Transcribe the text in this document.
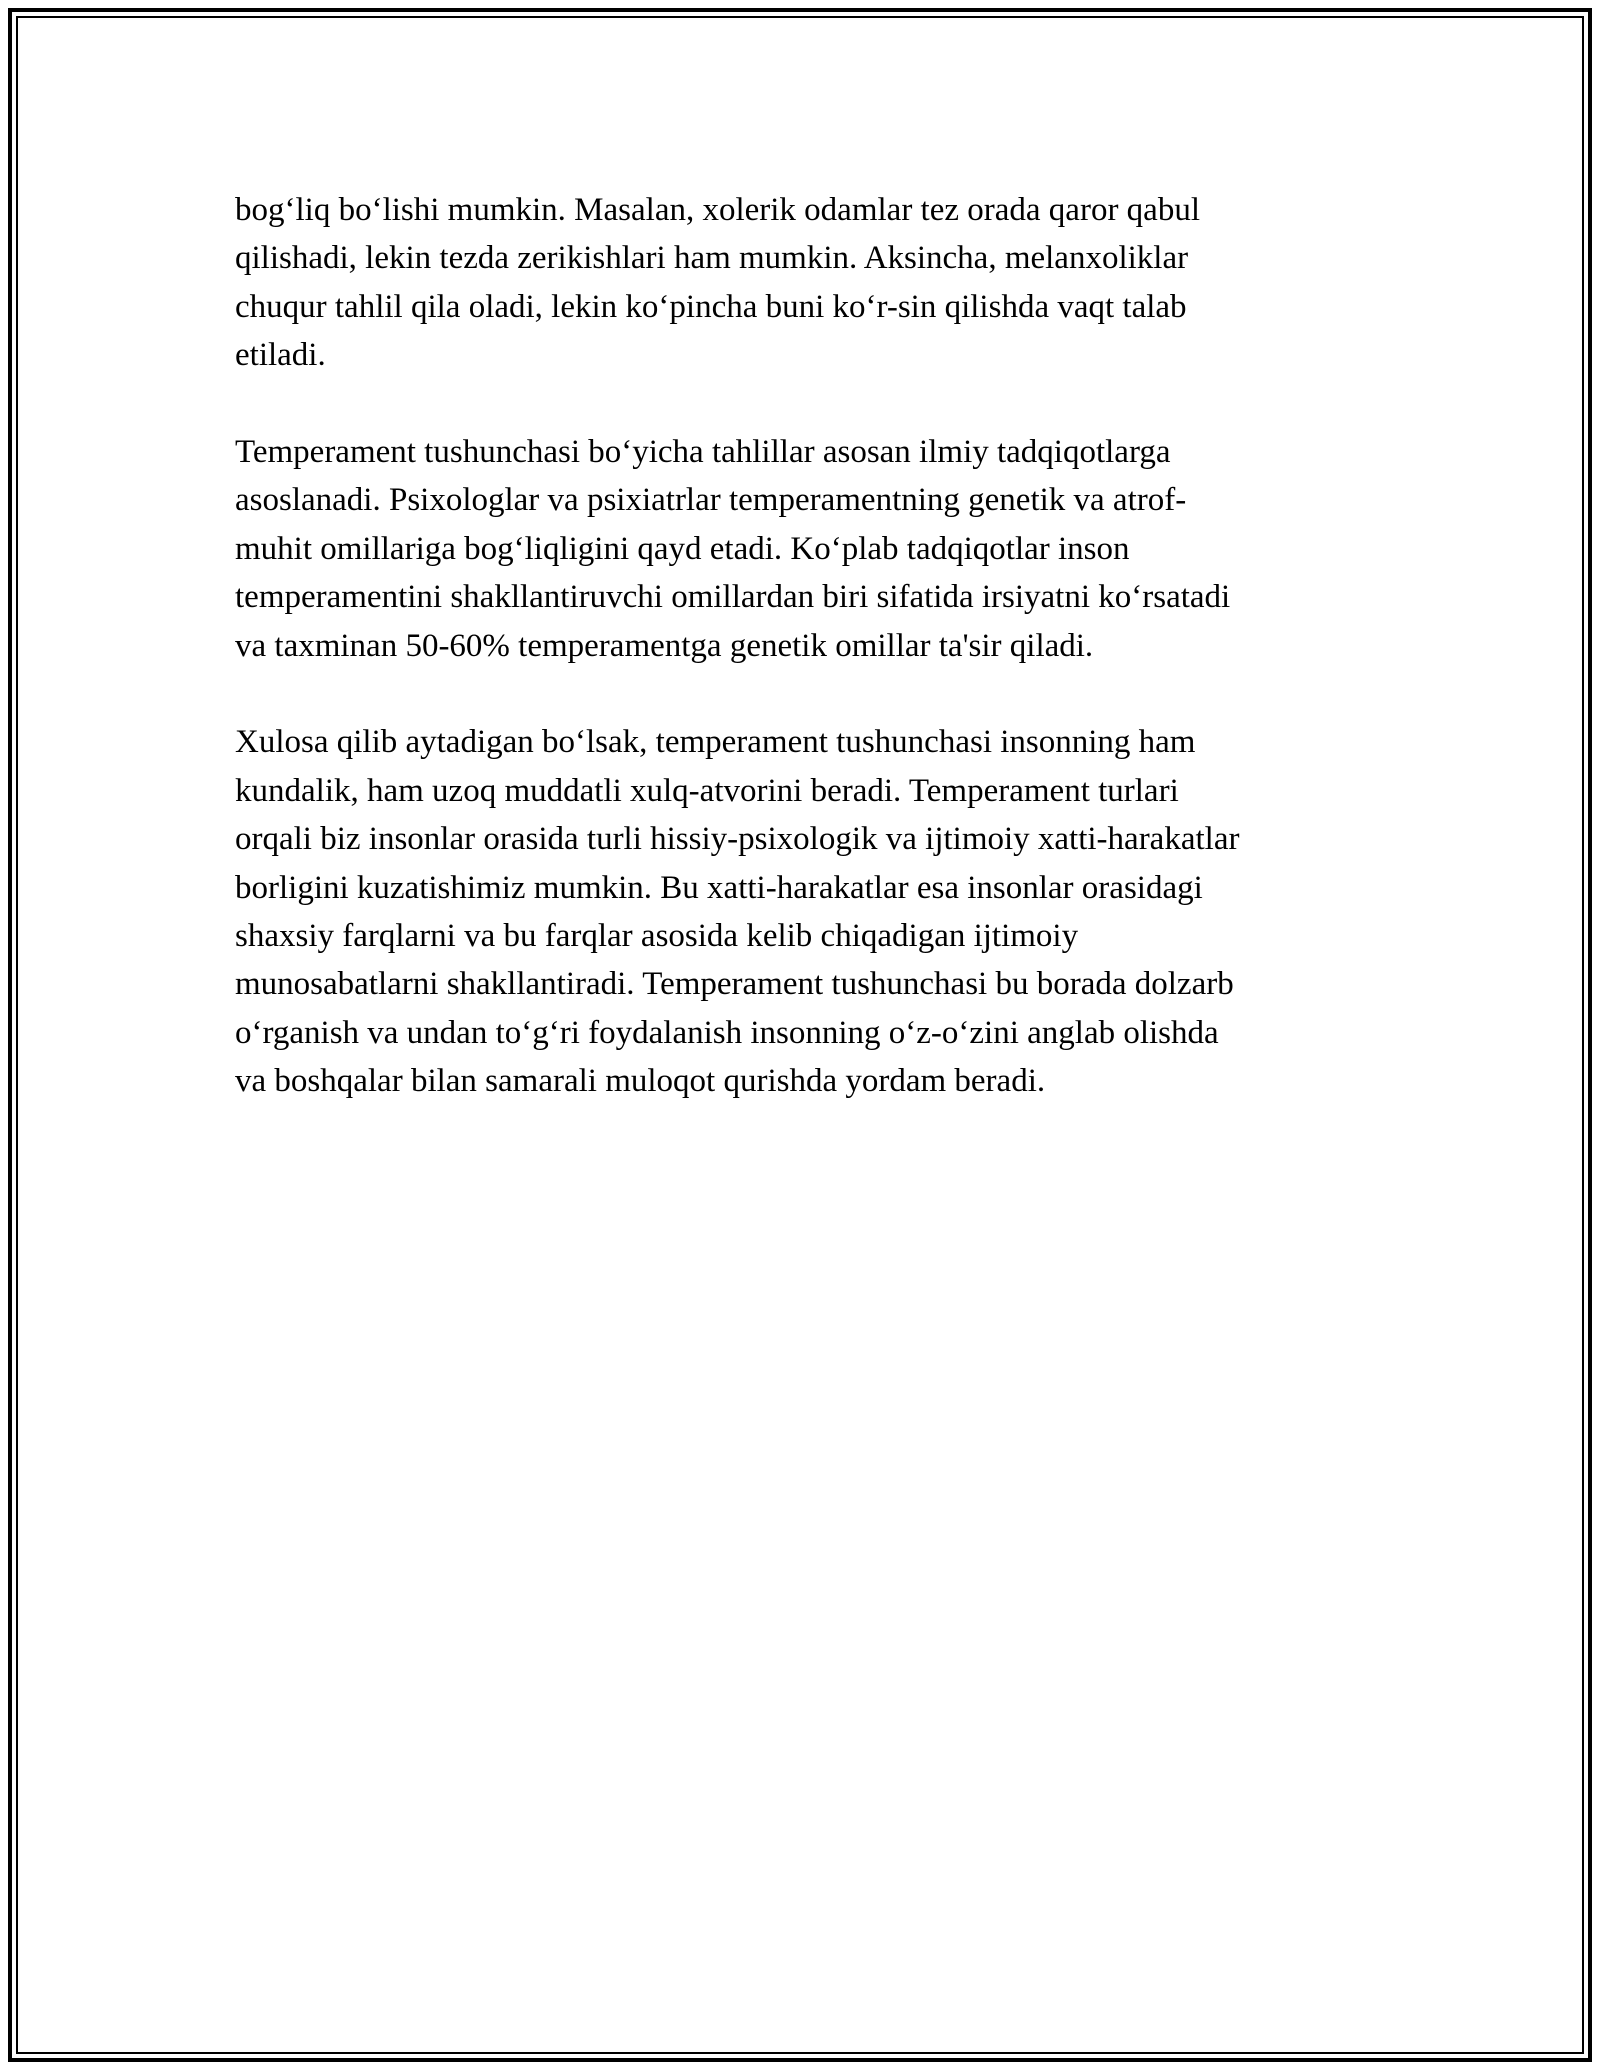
bog‘liq bo‘lishi mumkin. Masalan, xolerik odamlar tez orada qaror qabul
qilishadi, lekin tezda zerikishlari ham mumkin. Aksincha, melanxoliklar
chuqur tahlil qila oladi, lekin ko‘pincha buni ko‘r-sin qilishda vaqt talab
etiladi.

Temperament tushunchasi bo‘yicha tahlillar asosan ilmiy tadqiqotlarga
asoslanadi. Psixologlar va psixiatrlar temperamentning genetik va atrof-
muhit omillariga bog‘liqligini qayd etadi. Ko‘plab tadqiqotlar inson
temperamentini shakllantiruvchi omillardan biri sifatida irsiyatni ko‘rsatadi
va taxminan 50-60% temperamentga genetik omillar ta'sir qiladi.

Xulosa qilib aytadigan bo‘lsak, temperament tushunchasi insonning ham
kundalik, ham uzoq muddatli xulq-atvorini beradi. Temperament turlari
orqali biz insonlar orasida turli hissiy-psixologik va ijtimoiy xatti-harakatlar
borligini kuzatishimiz mumkin. Bu xatti-harakatlar esa insonlar orasidagi
shaxsiy farqlarni va bu farqlar asosida kelib chiqadigan ijtimoiy
munosabatlarni shakllantiradi. Temperament tushunchasi bu borada dolzarb
o‘rganish va undan to‘g‘ri foydalanish insonning o‘z-o‘zini anglab olishda
va boshqalar bilan samarali muloqot qurishda yordam beradi.
